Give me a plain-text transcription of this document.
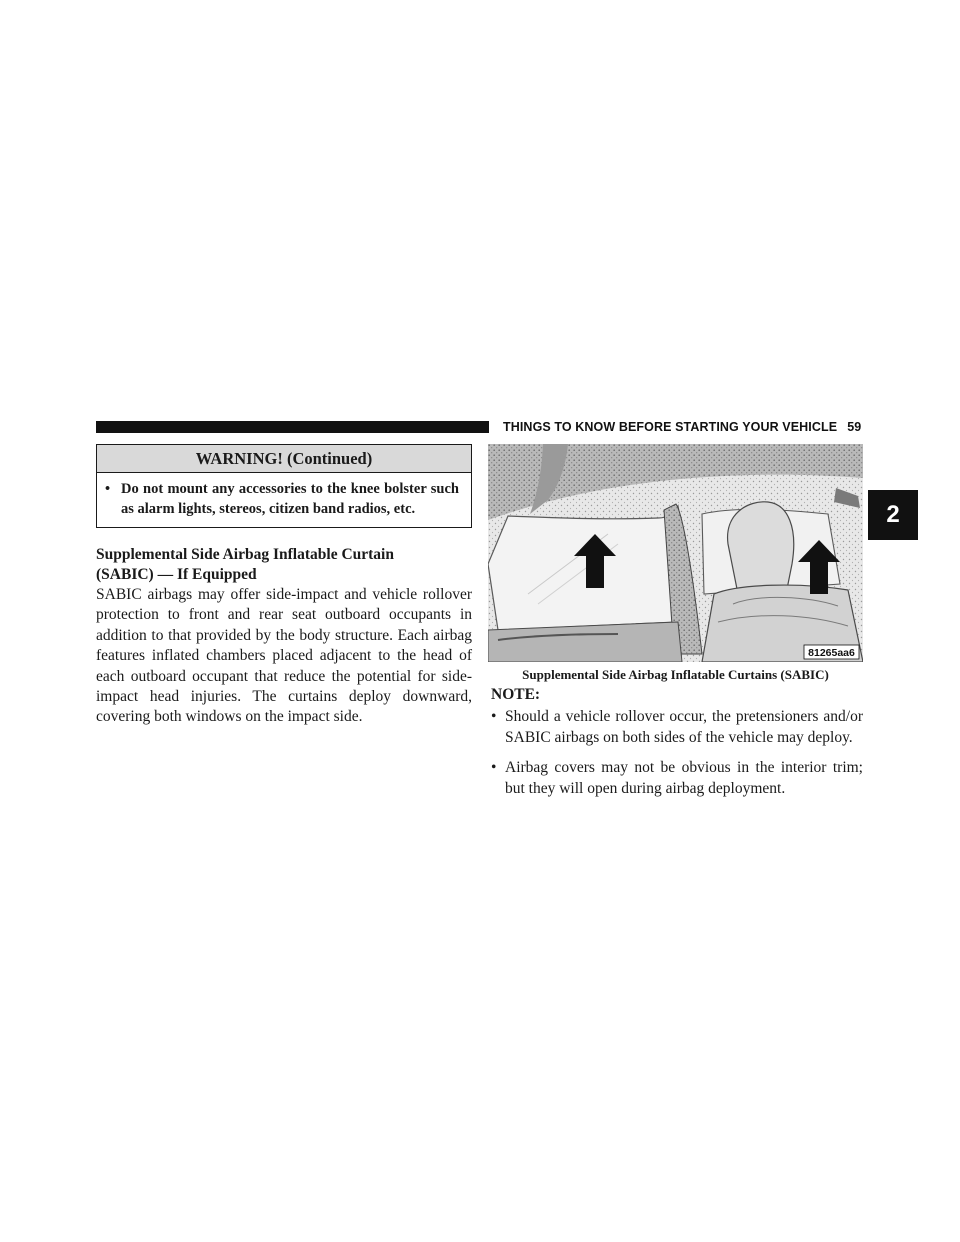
THINGS TO KNOW BEFORE STARTING YOUR VEHICLE 59
2
WARNING! (Continued)
• Do not mount any accessories to the knee bolster such as alarm lights, stereos, citizen band radios, etc.
Supplemental Side Airbag Inflatable Curtain
(SABIC) — If Equipped

SABIC airbags may offer side-impact and vehicle rollover protection to front and rear seat outboard occupants in addition to that provided by the body structure. Each airbag features inflated chambers placed adjacent to the head of each outboard occupant that reduce the potential for side-impact head injuries. The curtains deploy downward, covering both windows on the impact side.

81265aa6
Supplemental Side Airbag Inflatable Curtains (SABIC)
NOTE:
• Should a vehicle rollover occur, the pretensioners and/or SABIC airbags on both sides of the vehicle may deploy.
• Airbag covers may not be obvious in the interior trim; but they will open during airbag deployment.
